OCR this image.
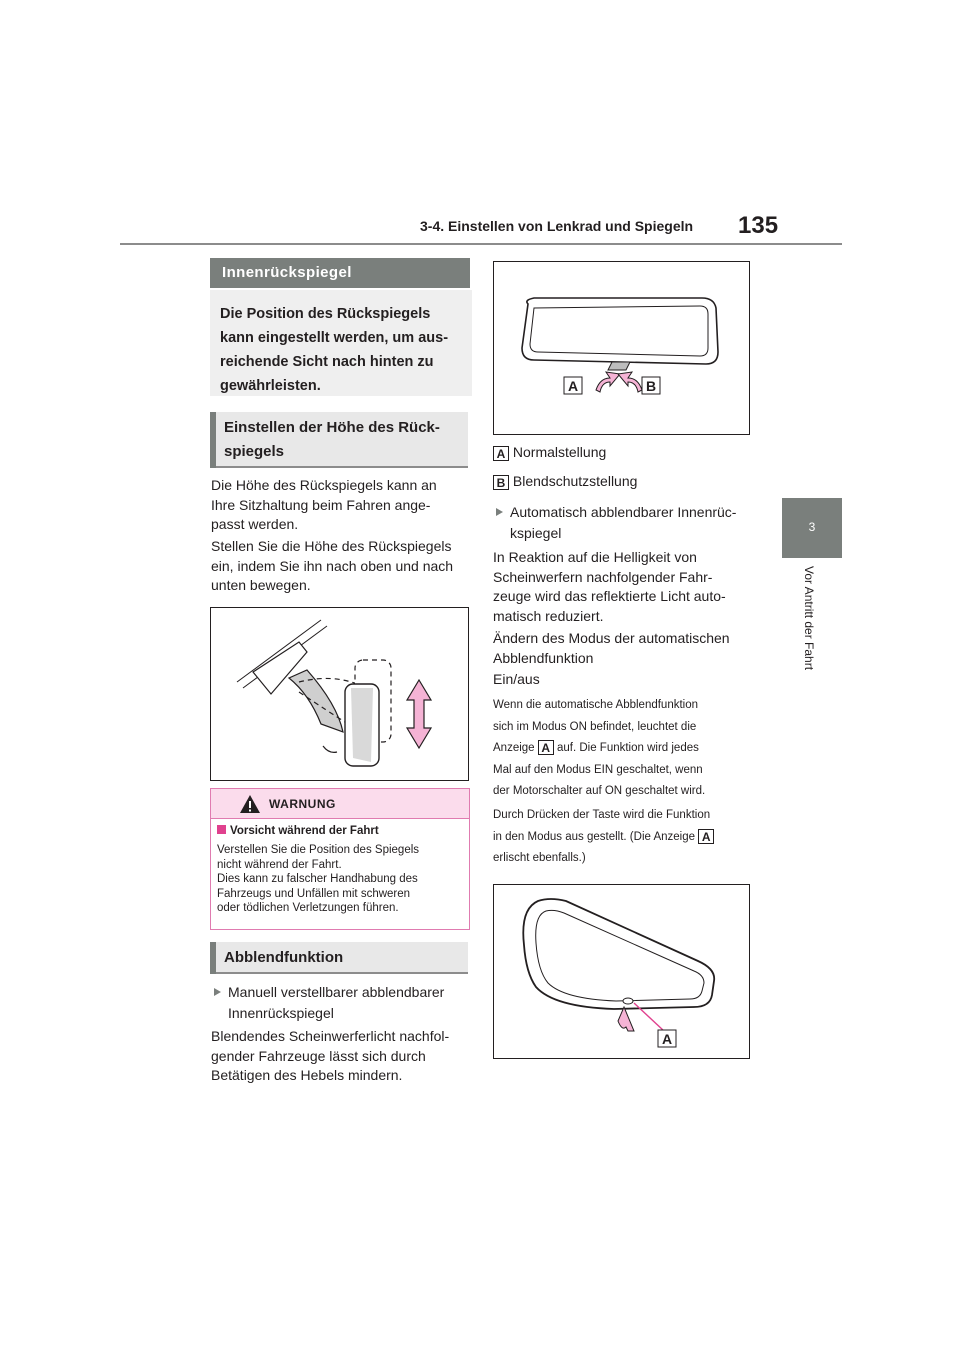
3-4. Einstellen von Lenkrad und Spiegeln 135
3
Vor Antritt der Fahrt
Innenrückspiegel
Die Position des Rückspiegels
kann eingestellt werden, um aus-
reichende Sicht nach hinten zu
gewährleisten.
Einstellen der Höhe des Rück-
spiegels
Die Höhe des Rückspiegels kann an
Ihre Sitzhaltung beim Fahren ange-
passt werden.
Stellen Sie die Höhe des Rückspiegels
ein, indem Sie ihn nach oben und nach
unten bewegen.
WARNUNG
Vorsicht während der Fahrt
Verstellen Sie die Position des Spiegels
nicht während der Fahrt.
Dies kann zu falscher Handhabung des
Fahrzeugs und Unfällen mit schweren
oder tödlichen Verletzungen führen.
Abblendfunktion
Manuell verstellbarer abblendbarer
Innenrückspiegel
Blendendes Scheinwerferlicht nachfol-
gender Fahrzeuge lässt sich durch
Betätigen des Hebels mindern.
A	B
A Normalstellung
B Blendschutzstellung
Automatisch abblendbarer Innenrüc-
kspiegel
In Reaktion auf die Helligkeit von
Scheinwerfern nachfolgender Fahr-
zeuge wird das reflektierte Licht auto-
matisch reduziert.
Ändern des Modus der automatischen
Abblendfunktion
Ein/aus
Wenn die automatische Abblendfunktion
sich im Modus ON befindet, leuchtet die
Anzeige A auf. Die Funktion wird jedes
Mal auf den Modus EIN geschaltet, wenn
der Motorschalter auf ON geschaltet wird.
Durch Drücken der Taste wird die Funktion
in den Modus aus gestellt. (Die Anzeige A
erlischt ebenfalls.)
A
